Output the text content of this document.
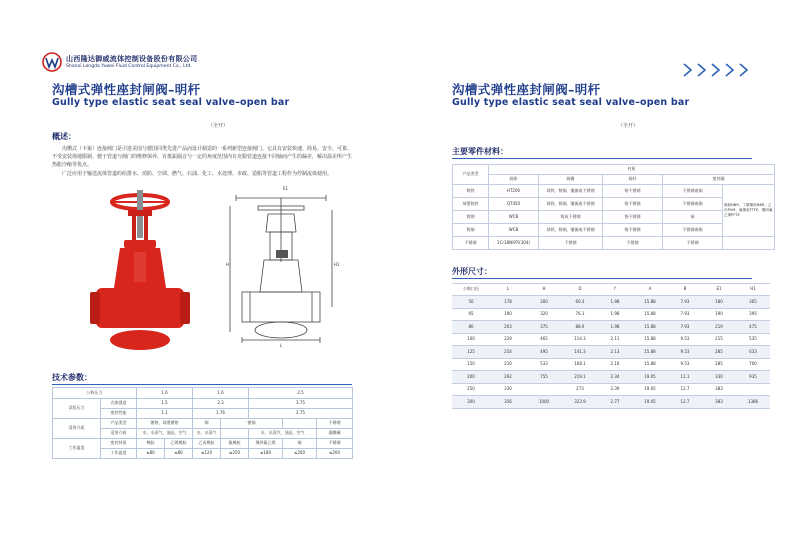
山西隆达御威流体控制设备股份有限公司
Shanxi Longda Yuwei Fluid Control Equipment Co., Ltd.
沟槽式弹性座封闸阀–明杆
Gully type elastic seat seal valve–open bar
（全开）
概述：

沟槽式（卡箍）连接阀门是引进美国与德国同类先进产品而设计制造的一系列新型连接阀门。它具有安装快速、简易、安全、可靠、不受安装场地限制、便于管道与阀门的维修保养、有抵振隔音与一定的角度范围内有克服管道连接不同轴而产生的偏差，解决温差所产生热胀冷缩等优点。

广泛应用于输送流体管道的给排水、消防、空调、燃气、石油、化工、水处理、市政、造船等管道工程作为控制流体使用。

E1
H	H1
L
技术参数：
公称压力		1.6		1.6		2.5		
试验压力	壳体强度	1.5		2.3		3.75		
	密封性能	1.1		1.76		2.75		
适用介质	产品类型	镀铬、球墨镀铬		铜	镀铜			不锈钢
	适用介质	水、水蒸气、油品、空气		水、水蒸气		水、水蒸汽、油品、空气		弱酸碱
工作温度	密封材质	橡胶	乙烯橡胶	乙丙橡胶	氟橡胶	聚四氟乙烯	铜	不锈钢
	工作温度	≤80	≤80	≤120	≤250	≤180	≤200	≤200
沟槽式弹性座封闸阀–明杆
Gully type elastic seat seal valve–open bar
（全开）
主要零件材料：
产品类型	材质				
	阀体	阀瓣	阀杆	密封圈	
铸铁	HT200	球铁、铸铜、镶嵌或不锈钢	铬不锈钢	不锈钢或铜	橡胶NBR、丁腈橡胶NBR、乙丙PVM、氟橡胶FTFE、聚四氟乙烯PFTE
球墨铸铁	QT450	球铁、铸铜、镶嵌或不锈钢	铬不锈钢	不锈钢或铜	
铸钢	WCB	铸成不锈钢	铬不锈钢	铜	
铸铜	WCB	球铁、铸铜、镶嵌或不锈钢	铬不锈钢	不锈钢或铜	
不锈钢	1Cr18Ni9Ti(304)	不锈钢	不锈钢	不锈钢	
外形尺寸：
公称口径	L	H	D	f	A	B	E1	H1
50	178	300	60.3	1.98	15.88	7.93	180	365
65	190	320	76.1	1.98	15.88	7.93	190	395
80	203	375	88.9	1.98	15.88	7.93	219	475
100	229	465	114.3	2.11	15.88	9.53	215	535
125	254	495	141.3	2.13	15.88	9.53	285	633
150	210	533	168.1	2.16	15.88	9.53	285	700
200	292	755	219.1	2.34	19.05	11.1	330	935
250	330		273	2.39	19.05	12.7	383	
300	356	1000	323.9	2.77	19.05	12.7	383	1386
